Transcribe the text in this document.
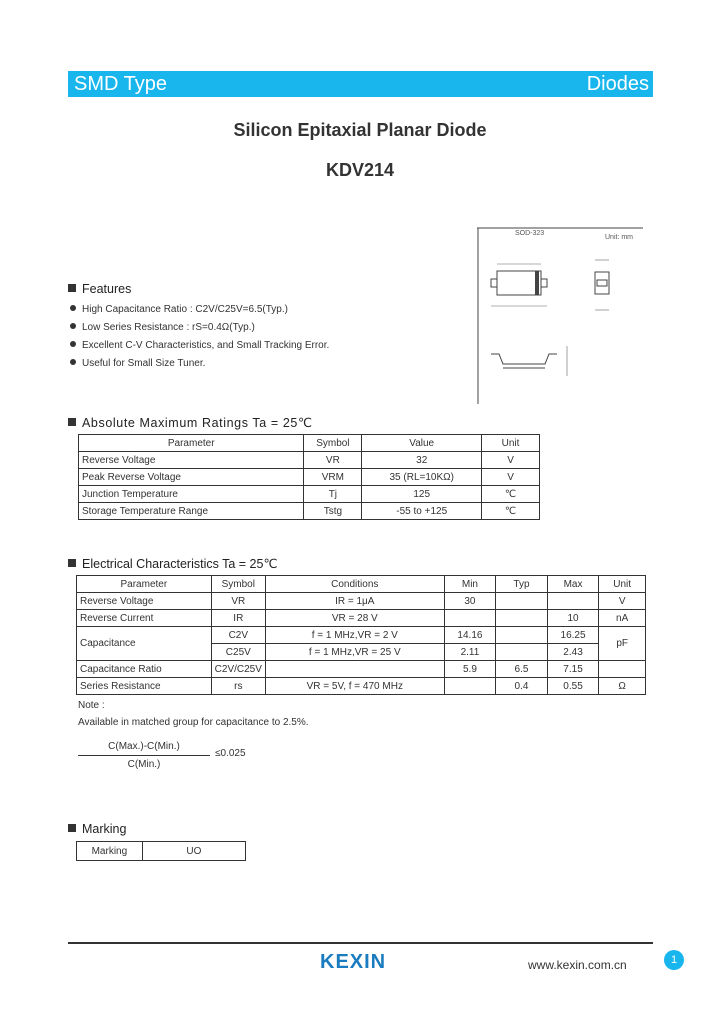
SMD Type	Diodes
Silicon Epitaxial Planar Diode
KDV214
SOD-323
Unit: mm
Features
High Capacitance Ratio : C2V/C25V=6.5(Typ.)
Low Series Resistance : rS=0.4Ω(Typ.)
Excellent C-V Characteristics, and Small Tracking Error.
Useful for Small Size Tuner.
Absolute Maximum Ratings Ta = 25℃
Parameter	Symbol	Value	Unit
Reverse Voltage	VR	32	V
Peak Reverse Voltage	VRM	35 (RL=10KΩ)	V
Junction Temperature	Tj	125	℃
Storage Temperature Range	Tstg	-55 to +125	℃
Electrical Characteristics Ta = 25℃
Parameter	Symbol	Conditions	Min	Typ	Max	Unit
Reverse Voltage	VR	IR = 1μA	30			V
Reverse Current	IR	VR = 28 V			10	nA
Capacitance	C2V	f = 1 MHz,VR = 2 V	14.16		16.25	pF
	C25V	f = 1 MHz,VR = 25 V	2.11		2.43	
Capacitance Ratio	C2V/C25V		5.9	6.5	7.15	
Series Resistance	rs	VR = 5V, f = 470 MHz		0.4	0.55	Ω
Note :
Available in matched group for capacitance to 2.5%.
C(Max.)-C(Min.)
C(Min.)
≤0.025
Marking
Marking	UO
KEXIN	www.kexin.com.cn	1
